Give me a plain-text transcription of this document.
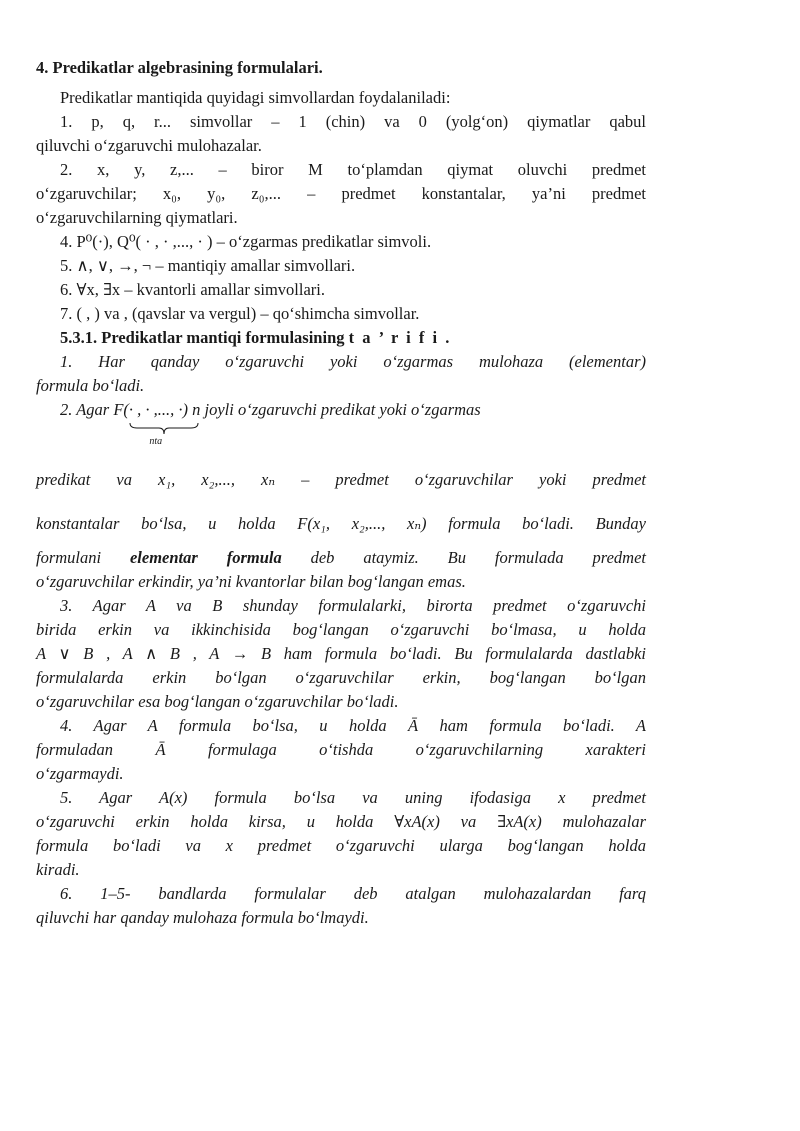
4. Predikatlar algebrasining formulalari.
Predikatlar mantiqida quyidagi simvollardan foydalaniladi:
1. p, q, r... simvollar – 1 (chin) va 0 (yolg‘on) qiymatlar qabul
qiluvchi o‘zgaruvchi mulohazalar.
2. x, y, z,... – biror M to‘plamdan qiymat oluvchi predmet
o‘zgaruvchilar; x₀, y₀, z₀,... – predmet konstantalar, ya’ni predmet
o‘zgaruvchilarning qiymatlari.
4. P⁰(·), Q⁰( · , · ,..., · ) – o‘zgarmas predikatlar simvoli.
5. ∧, ∨, →, ¬ – mantiqiy amallar simvollari.
6. ∀x, ∃x – kvantorli amallar simvollari.
7. ( , ) va , (qavslar va vergul) – qo‘shimcha simvollar.
5.3.1. Predikatlar mantiqi formulasining t a ’ r i f i .
1. Har qanday o‘zgaruvchi yoki o‘zgarmas mulohaza (elementar)
formula bo‘ladi.
2. Agar F(· , · ,..., ·
nta
) n joyli o‘zgaruvchi predikat yoki o‘zgarmas
predikat va x₁, x₂,..., xₙ – predmet o‘zgaruvchilar yoki predmet
konstantalar bo‘lsa, u holda F(x₁, x₂,..., xₙ) formula bo‘ladi. Bunday
formulani elementar formula deb ataymiz. Bu formulada predmet
o‘zgaruvchilar erkindir, ya’ni kvantorlar bilan bog‘langan emas.
3. Agar A va B shunday formulalarki, birorta predmet o‘zgaruvchi
birida erkin va ikkinchisida bog‘langan o‘zgaruvchi bo‘lmasa, u holda
A ∨ B , A ∧ B , A → B ham formula bo‘ladi. Bu formulalarda dastlabki
formulalarda erkin bo‘lgan o‘zgaruvchilar erkin, bog‘langan bo‘lgan
o‘zgaruvchilar esa bog‘langan o‘zgaruvchilar bo‘ladi.
4. Agar A formula bo‘lsa, u holda Ā ham formula bo‘ladi. A
formuladan Ā formulaga o‘tishda o‘zgaruvchilarning xarakteri
o‘zgarmaydi.
5. Agar A(x) formula bo‘lsa va uning ifodasiga x predmet
o‘zgaruvchi erkin holda kirsa, u holda ∀xA(x) va ∃xA(x) mulohazalar
formula bo‘ladi va x predmet o‘zgaruvchi ularga bog‘langan holda
kiradi.
6. 1–5- bandlarda formulalar deb atalgan mulohazalardan farq
qiluvchi har qanday mulohaza formula bo‘lmaydi.
